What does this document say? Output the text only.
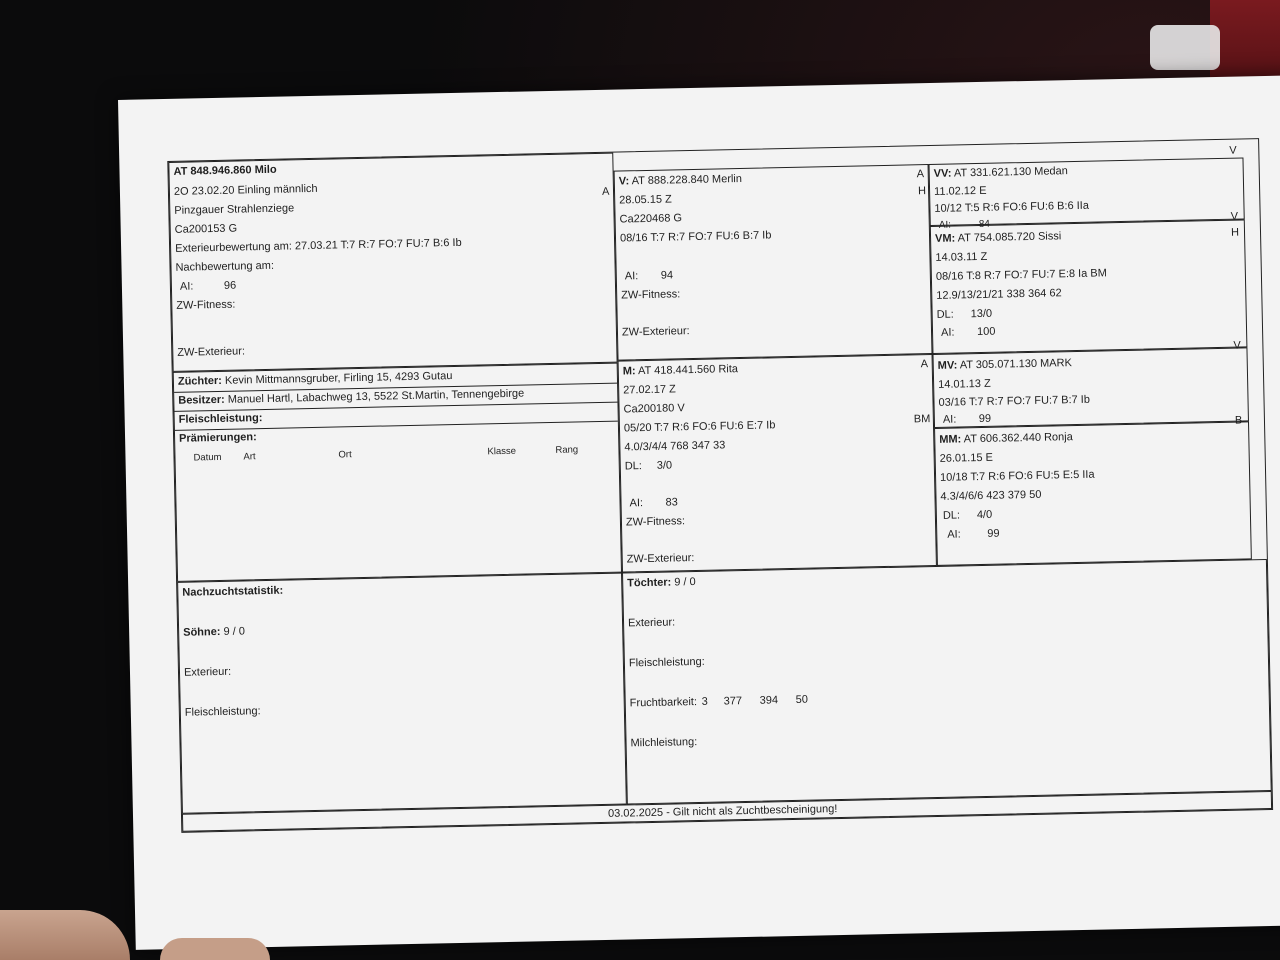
AT 848.946.860 Milo
A
2O 23.02.20 Einling männlich
Pinzgauer Strahlenziege
Ca200153 G
Exterieurbewertung am: 27.03.21 T:7 R:7 FO:7 FU:7 B:6 Ib
Nachbewertung am:
AI:	96
ZW-Fitness:
ZW-Exterieur:
Züchter: Kevin Mittmannsgruber, Firling 15, 4293 Gutau
Besitzer: Manuel Hartl, Labachweg 13, 5522 St.Martin, Tennengebirge
Fleischleistung:
Prämierungen:
Datum Art	Ort	Klasse	Rang
V: AT 888.228.840 Merlin	A
28.05.15 Z
Ca220468 G
08/16 T:7 R:7 FO:7 FU:6 B:7 Ib
AI: 94
ZW-Fitness:
ZW-Exterieur:
M: AT 418.441.560 Rita	A
BM
27.02.17 Z
Ca200180 V
05/20 T:7 R:6 FO:6 FU:6 E:7 Ib
4.0/3/4/4 768 347 33
DL: 3/0
AI: 83
ZW-Fitness:
ZW-Exterieur:
VV: AT 331.621.130 Medan
V
H 11.02.12 E
10/12 T:5 R:6 FO:6 FU:6 B:6 IIa
AI:	84
VM: AT 754.085.720 Sissi
V
H
14.03.11 Z
08/16 T:8 R:7 FO:7 FU:7 E:8 Ia BM
12.9/13/21/21 338 364 62
DL: 13/0
AI: 100
MV: AT 305.071.130 MARK
V
14.01.13 Z
03/16 T:7 R:7 FO:7 FU:7 B:7 Ib
AI: 99
MM: AT 606.362.440 Ronja
B
26.01.15 E
10/18 T:7 R:6 FO:6 FU:5 E:5 IIa
4.3/4/6/6 423 379 50
DL: 4/0
AI: 99
Nachzuchtstatistik:
Söhne: 9 / 0
Exterieur:
Fleischleistung:
Töchter: 9 / 0
Exterieur:
Fleischleistung:
Fruchtbarkeit: 3 377 394 50
Milchleistung:
03.02.2025 - Gilt nicht als Zuchtbescheinigung!
